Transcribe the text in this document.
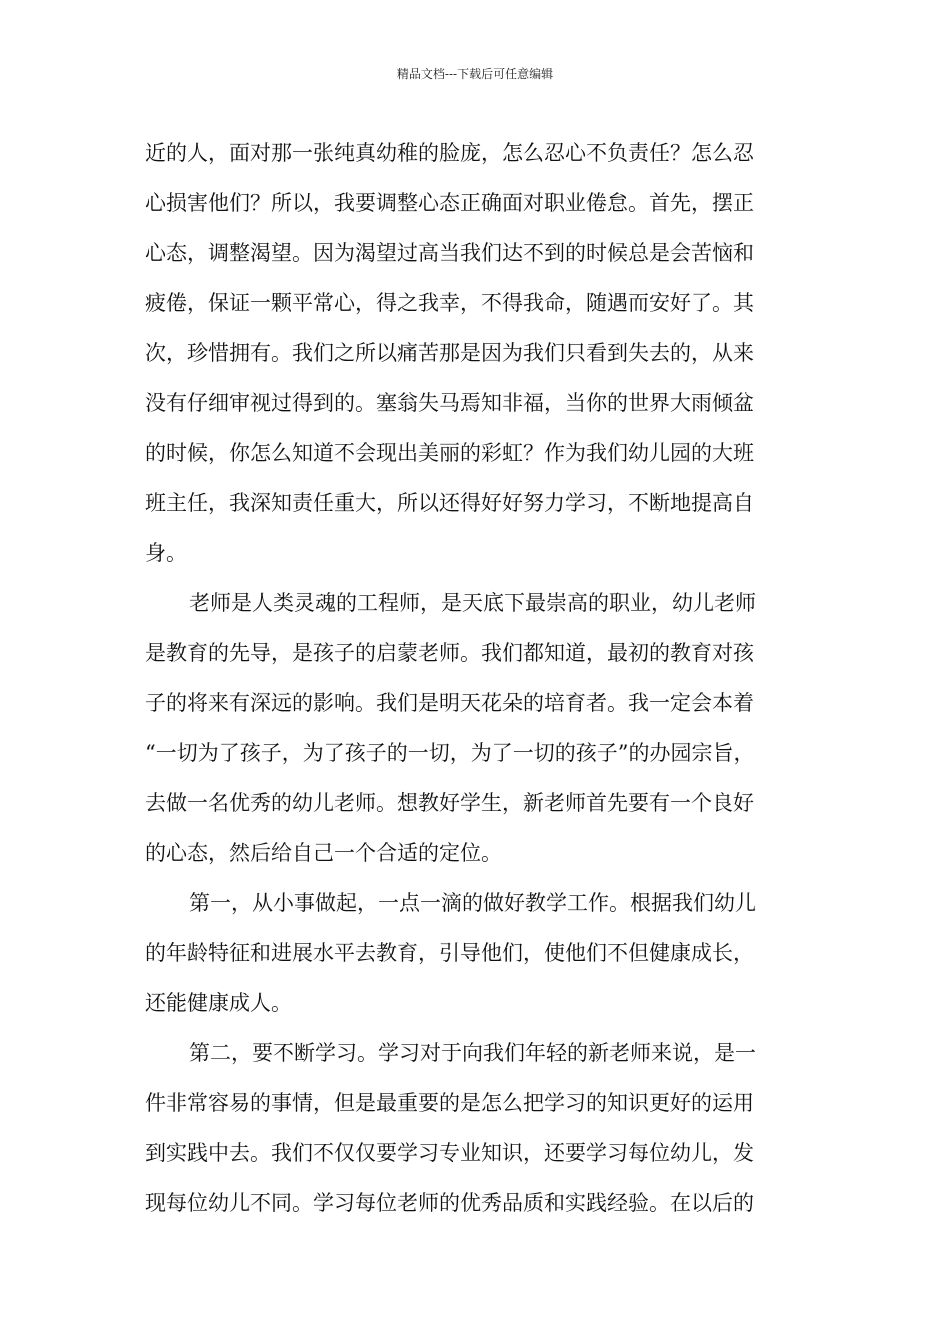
精品文档---下载后可任意编辑
近的人，面对那一张纯真幼稚的脸庞，怎么忍心不负责任？怎么忍
心损害他们？所以，我要调整心态正确面对职业倦怠。首先，摆正
心态，调整渴望。因为渴望过高当我们达不到的时候总是会苦恼和
疲倦，保证一颗平常心，得之我幸，不得我命，随遇而安好了。其
次，珍惜拥有。我们之所以痛苦那是因为我们只看到失去的，从来
没有仔细审视过得到的。塞翁失马焉知非福，当你的世界大雨倾盆
的时候，你怎么知道不会现出美丽的彩虹？作为我们幼儿园的大班
班主任，我深知责任重大，所以还得好好努力学习，不断地提高自
身。
老师是人类灵魂的工程师，是天底下最崇高的职业，幼儿老师
是教育的先导，是孩子的启蒙老师。我们都知道，最初的教育对孩
子的将来有深远的影响。我们是明天花朵的培育者。我一定会本着
“一切为了孩子，为了孩子的一切，为了一切的孩子”的办园宗旨，
去做一名优秀的幼儿老师。想教好学生，新老师首先要有一个良好
的心态，然后给自己一个合适的定位。
第一，从小事做起，一点一滴的做好教学工作。根据我们幼儿
的年龄特征和进展水平去教育，引导他们，使他们不但健康成长，
还能健康成人。
第二，要不断学习。学习对于向我们年轻的新老师来说，是一
件非常容易的事情，但是最重要的是怎么把学习的知识更好的运用
到实践中去。我们不仅仅要学习专业知识，还要学习每位幼儿，发
现每位幼儿不同。学习每位老师的优秀品质和实践经验。在以后的
